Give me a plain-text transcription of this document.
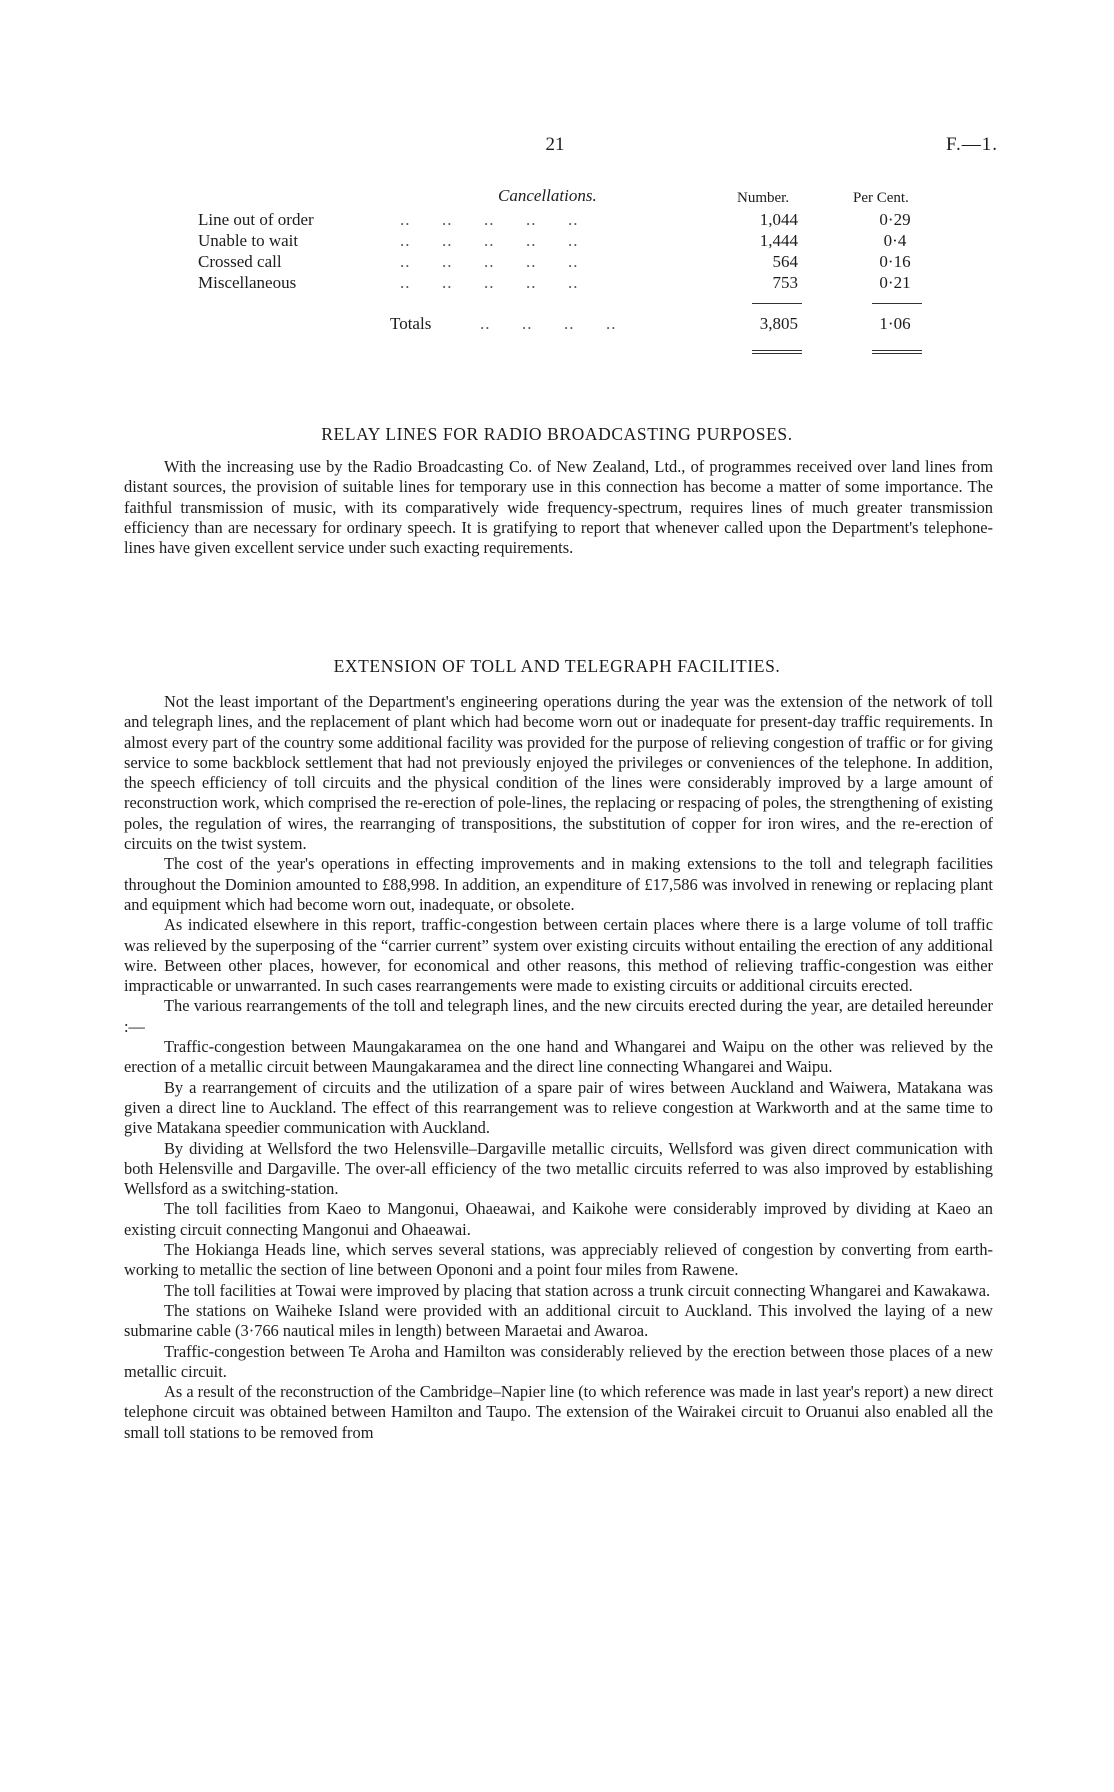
21	F.—1.
Cancellations.	Number.	Per Cent.
Line out of order	..      ..      ..      ..      ..	1,044	0·29
Unable to wait	..      ..      ..      ..      ..	1,444	0·4
Crossed call	..      ..      ..      ..      ..	564	0·16
Miscellaneous	..      ..      ..      ..      ..	753	0·21
Totals	..      ..      ..      ..	3,805	1·06
RELAY LINES FOR RADIO BROADCASTING PURPOSES.

With the increasing use by the Radio Broadcasting Co. of New Zealand, Ltd., of programmes received over land lines from distant sources, the provision of suitable lines for temporary use in this connection has become a matter of some importance. The faithful transmission of music, with its comparatively wide frequency-spectrum, requires lines of much greater transmission efficiency than are necessary for ordinary speech. It is gratifying to report that whenever called upon the Department's telephone-lines have given excellent service under such exacting requirements.

EXTENSION OF TOLL AND TELEGRAPH FACILITIES.

Not the least important of the Department's engineering operations during the year was the extension of the network of toll and telegraph lines, and the replacement of plant which had become worn out or inadequate for present-day traffic requirements. In almost every part of the country some additional facility was provided for the purpose of relieving congestion of traffic or for giving service to some backblock settlement that had not previously enjoyed the privileges or conveniences of the telephone. In addition, the speech efficiency of toll circuits and the physical condition of the lines were considerably improved by a large amount of reconstruction work, which comprised the re-erection of pole-lines, the replacing or respacing of poles, the strengthening of existing poles, the regulation of wires, the rearranging of transpositions, the substitution of copper for iron wires, and the re-erection of circuits on the twist system.

The cost of the year's operations in effecting improvements and in making extensions to the toll and telegraph facilities throughout the Dominion amounted to £88,998. In addition, an expenditure of £17,586 was involved in renewing or replacing plant and equipment which had become worn out, inadequate, or obsolete.

As indicated elsewhere in this report, traffic-congestion between certain places where there is a large volume of toll traffic was relieved by the superposing of the “carrier current” system over existing circuits without entailing the erection of any additional wire. Between other places, however, for economical and other reasons, this method of relieving traffic-congestion was either impracticable or unwarranted. In such cases rearrangements were made to existing circuits or additional circuits erected.

The various rearrangements of the toll and telegraph lines, and the new circuits erected during the year, are detailed hereunder :—

Traffic-congestion between Maungakaramea on the one hand and Whangarei and Waipu on the other was relieved by the erection of a metallic circuit between Maungakaramea and the direct line connecting Whangarei and Waipu.

By a rearrangement of circuits and the utilization of a spare pair of wires between Auckland and Waiwera, Matakana was given a direct line to Auckland. The effect of this rearrangement was to relieve congestion at Warkworth and at the same time to give Matakana speedier communication with Auckland.

By dividing at Wellsford the two Helensville–Dargaville metallic circuits, Wellsford was given direct communication with both Helensville and Dargaville. The over-all efficiency of the two metallic circuits referred to was also improved by establishing Wellsford as a switching-station.

The toll facilities from Kaeo to Mangonui, Ohaeawai, and Kaikohe were considerably improved by dividing at Kaeo an existing circuit connecting Mangonui and Ohaeawai.

The Hokianga Heads line, which serves several stations, was appreciably relieved of congestion by converting from earth-working to metallic the section of line between Opononi and a point four miles from Rawene.

The toll facilities at Towai were improved by placing that station across a trunk circuit connecting Whangarei and Kawakawa.

The stations on Waiheke Island were provided with an additional circuit to Auckland. This involved the laying of a new submarine cable (3·766 nautical miles in length) between Maraetai and Awaroa.

Traffic-congestion between Te Aroha and Hamilton was considerably relieved by the erection between those places of a new metallic circuit.

As a result of the reconstruction of the Cambridge–Napier line (to which reference was made in last year's report) a new direct telephone circuit was obtained between Hamilton and Taupo. The extension of the Wairakei circuit to Oruanui also enabled all the small toll stations to be removed from
